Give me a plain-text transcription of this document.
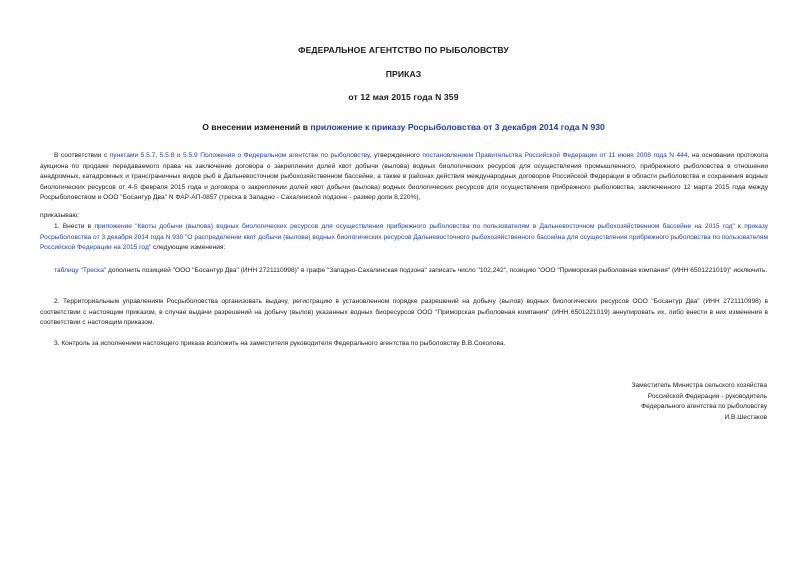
ФЕДЕРАЛЬНОЕ АГЕНТСТВО ПО РЫБОЛОВСТВУ
ПРИКАЗ
от 12 мая 2015 года N 359
О внесении изменений в приложение к приказу Росрыболовства от 3 декабря 2014 года N 930
В соответствии с пунктами 5.5.7, 5.5.8 и 5.5.9 Положения о Федеральном агентстве по рыболовству, утвержденного постановлением Правительства Российской Федерации от 11 июня 2008 года N 444, на основании протокола аукциона по продаже передаваемого права на заключение договора о закреплении долей квот добычи (вылова) водных биологических ресурсов для осуществления промышленного, прибрежного рыболовства в отношении анадромных, катадромных и трансграничных видов рыб в Дальневосточном рыбохозяйственном бассейне, а также в районах действия международных договоров Российской Федерации в области рыболовства и сохранения водных биологических ресурсов от 4-5 февраля 2015 года и договора о закреплении долей квот добычи (вылова) водных биологических ресурсов для осуществления прибрежного рыболовства, заключенного 12 марта 2015 года между Росрыболовством и ООО "Босантур Два" N ФАР-АП-0857 (треска в Западно - Сахалинской подзоне - размер доли 8,220%),
приказываю:
1. Внести в приложение "Квоты добычи (вылова) водных биологических ресурсов для осуществления прибрежного рыболовства по пользователям в Дальневосточном рыбохозяйственном бассейне на 2015 год" к приказу Росрыболовства от 3 декабря 2014 года N 930 "О распределении квот добычи (вылова) водных биологических ресурсов Дальневосточного рыбохозяйственного бассейна для осуществления прибрежного рыболовства по пользователям Российской Федерации на 2015 год" следующие изменения:
таблицу "Треска" дополнить позицией "ООО "Босантур Два" (ИНН 2721110998)" в графе "Западно-Сахалинская подзона" записать число "102,242", позицию "ООО "Приморская рыболовная компания" (ИНН 6501221019)" исключить.
2. Территориальным управлениям Росрыболовства организовать выдачу, регистрацию в установленном порядке разрешений на добычу (вылов) водных биологических ресурсов ООО "Босантур Два" (ИНН 2721110998) в соответствии с настоящим приказом, в случае выдачи разрешений на добычу (вылов) указанных водных биоресурсов ООО "Приморская рыболовная компания" (ИНН 6501221019) аннулировать их, либо внести в них изменения в соответствии с настоящим приказом.
3. Контроль за исполнением настоящего приказа возложить на заместителя руководителя Федерального агентства по рыболовству В.В.Соколова.
Заместитель Министра сельского хозяйства
Российской Федерации - руководитель
Федерального агентства по рыболовству
И.В.Шестаков
